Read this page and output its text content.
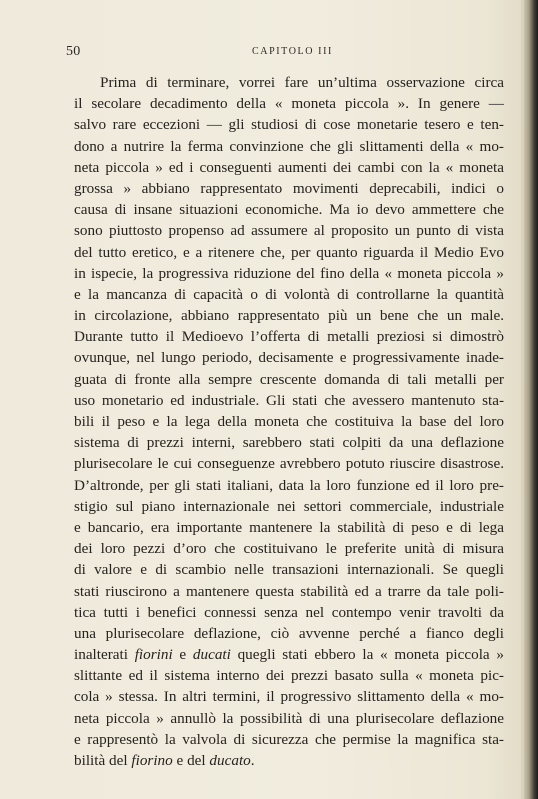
50	CAPITOLO III
Prima di terminare, vorrei fare un’ultima osservazione circa
il secolare decadimento della « moneta piccola ». In genere —
salvo rare eccezioni — gli studiosi di cose monetarie tesero e ten-
dono a nutrire la ferma convinzione che gli slittamenti della « mo-
neta piccola » ed i conseguenti aumenti dei cambi con la « moneta
grossa » abbiano rappresentato movimenti deprecabili, indici o
causa di insane situazioni economiche. Ma io devo ammettere che
sono piuttosto propenso ad assumere al proposito un punto di vista
del tutto eretico, e a ritenere che, per quanto riguarda il Medio Evo
in ispecie, la progressiva riduzione del fino della « moneta piccola »
e la mancanza di capacità o di volontà di controllarne la quantità
in circolazione, abbiano rappresentato più un bene che un male.
Durante tutto il Medioevo l’offerta di metalli preziosi si dimostrò
ovunque, nel lungo periodo, decisamente e progressivamente inade-
guata di fronte alla sempre crescente domanda di tali metalli per
uso monetario ed industriale. Gli stati che avessero mantenuto sta-
bili il peso e la lega della moneta che costituiva la base del loro
sistema di prezzi interni, sarebbero stati colpiti da una deflazione
plurisecolare le cui conseguenze avrebbero potuto riuscire disastrose.
D’altronde, per gli stati italiani, data la loro funzione ed il loro pre-
stigio sul piano internazionale nei settori commerciale, industriale
e bancario, era importante mantenere la stabilità di peso e di lega
dei loro pezzi d’oro che costituivano le preferite unità di misura
di valore e di scambio nelle transazioni internazionali. Se quegli
stati riuscirono a mantenere questa stabilità ed a trarre da tale poli-
tica tutti i benefici connessi senza nel contempo venir travolti da
una plurisecolare deflazione, ciò avvenne perché a fianco degli
inalterati fiorini e ducati quegli stati ebbero la « moneta piccola »
slittante ed il sistema interno dei prezzi basato sulla « moneta pic-
cola » stessa. In altri termini, il progressivo slittamento della « mo-
neta piccola » annullò la possibilità di una plurisecolare deflazione
e rappresentò la valvola di sicurezza che permise la magnifica sta-
bilità del fiorino e del ducato.
